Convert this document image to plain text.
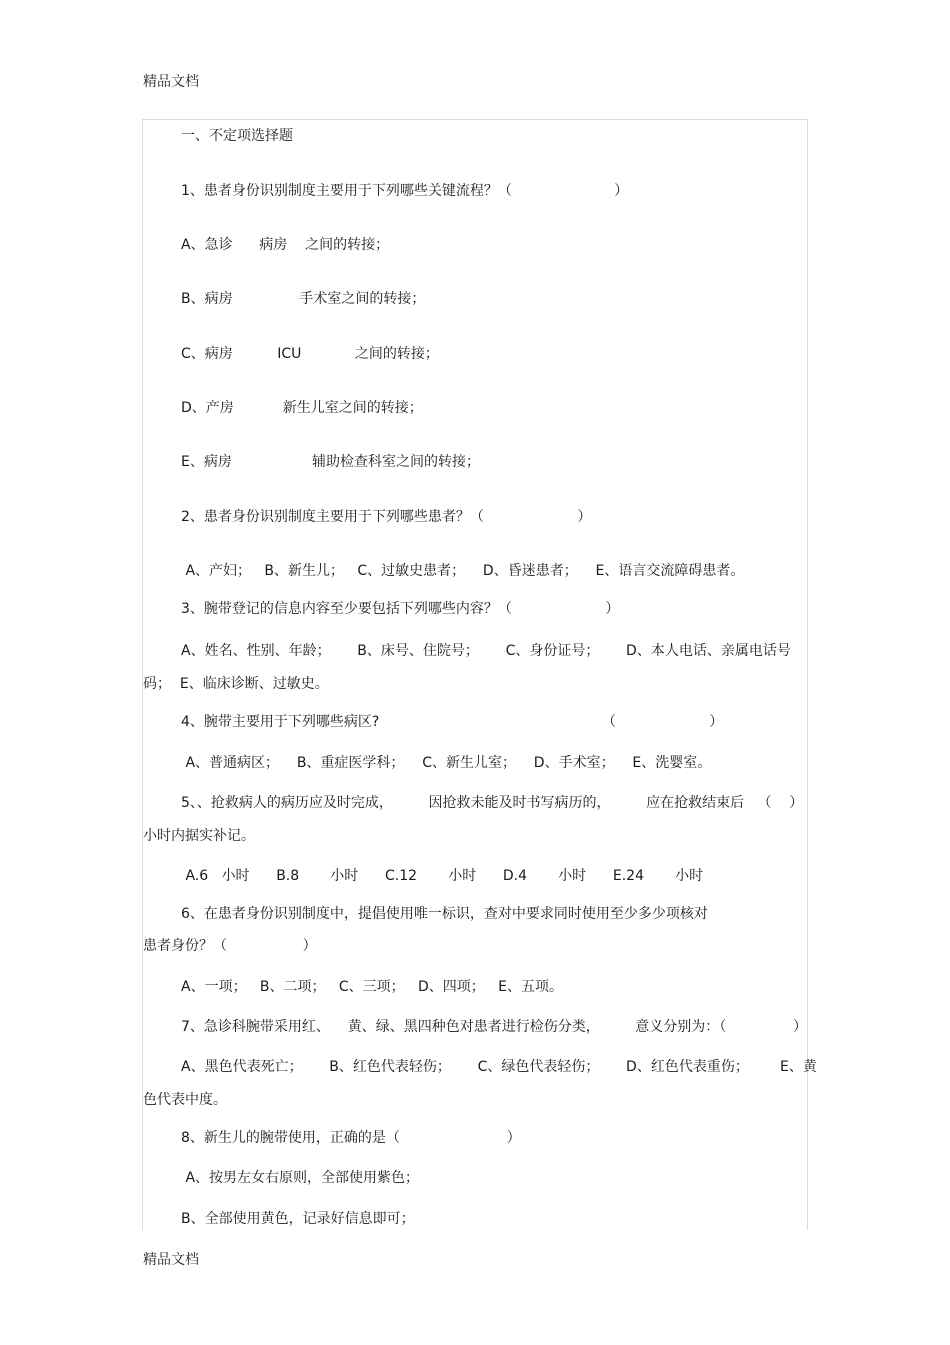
精品文档
一、不定项选择题
1、患者身份识别制度主要用于下列哪些关键流程？（                       ）
A、急诊      病房    之间的转接；
B、病房               手术室之间的转接；
C、病房          ICU            之间的转接；
D、产房           新生儿室之间的转接；
E、病房                  辅助检查科室之间的转接；
2、患者身份识别制度主要用于下列哪些患者？（                     ）
A、产妇；   B、新生儿；   C、过敏史患者；    D、昏迷患者；    E、语言交流障碍患者。
3、腕带登记的信息内容至少要包括下列哪些内容？（                     ）
A、姓名、性别、年龄；      B、床号、住院号；      C、身份证号；      D、本人电话、亲属电话号
码；  E、临床诊断、过敏史。
4、腕带主要用于下列哪些病区?                                                  （                     ）
A、普通病区；    B、重症医学科；    C、新生儿室；    D、手术室；    E、洗婴室。
5、、抢救病人的病历应及时完成，        因抢救未能及时书写病历的，        应在抢救结束后   （    ）
小时内据实补记。
A.6   小时      B.8       小时      C.12       小时      D.4       小时      E.24       小时
6、在患者身份识别制度中，提倡使用唯一标识，查对中要求同时使用至少多少项核对
患者身份？（                 ）
A、一项；   B、二项；   C、三项；   D、四项；   E、五项。
7、急诊科腕带采用红、    黄、绿、黑四种色对患者进行检伤分类，        意义分别为：（               ）
A、黑色代表死亡；      B、红色代表轻伤；      C、绿色代表轻伤；      D、红色代表重伤；       E、黄
色代表中度。
8、新生儿的腕带使用，正确的是（                        ）
A、按男左女右原则，全部使用紫色；
B、全部使用黄色，记录好信息即可；
精品文档
